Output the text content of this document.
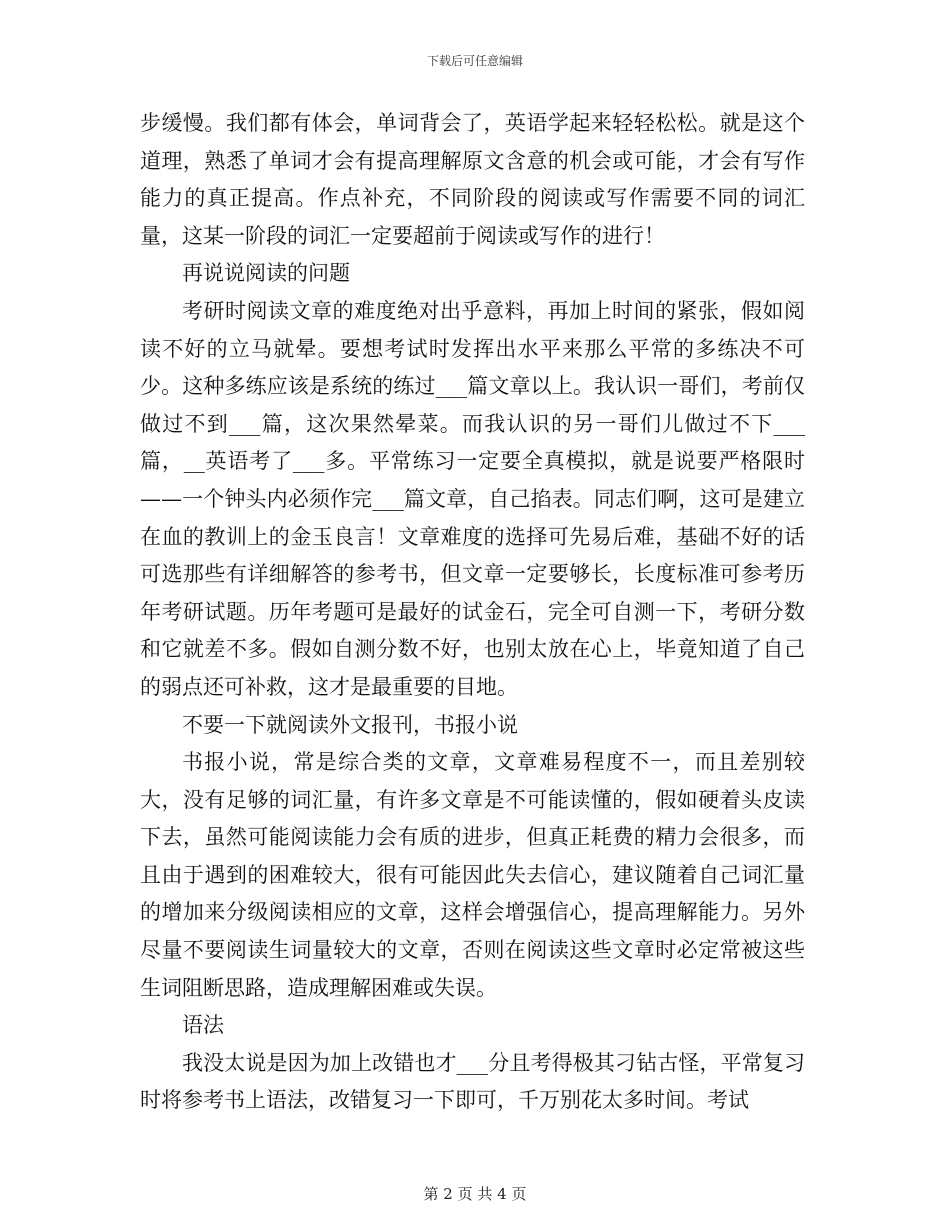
下载后可任意编辑

步缓慢。我们都有体会，单词背会了，英语学起来轻轻松松。就是这个道理，熟悉了单词才会有提高理解原文含意的机会或可能，才会有写作能力的真正提高。作点补充，不同阶段的阅读或写作需要不同的词汇量，这某一阶段的词汇一定要超前于阅读或写作的进行！

再说说阅读的问题

考研时阅读文章的难度绝对出乎意料，再加上时间的紧张，假如阅读不好的立马就晕。要想考试时发挥出水平来那么平常的多练决不可少。这种多练应该是系统的练过___篇文章以上。我认识一哥们，考前仅做过不到___篇，这次果然晕菜。而我认识的另一哥们儿做过不下___篇，__英语考了___多。平常练习一定要全真模拟，就是说要严格限时——一个钟头内必须作完___篇文章，自己掐表。同志们啊，这可是建立在血的教训上的金玉良言！文章难度的选择可先易后难，基础不好的话可选那些有详细解答的参考书，但文章一定要够长，长度标准可参考历年考研试题。历年考题可是最好的试金石，完全可自测一下，考研分数和它就差不多。假如自测分数不好，也别太放在心上，毕竟知道了自己的弱点还可补救，这才是最重要的目地。

不要一下就阅读外文报刊，书报小说

书报小说，常是综合类的文章，文章难易程度不一，而且差别较大，没有足够的词汇量，有许多文章是不可能读懂的，假如硬着头皮读下去，虽然可能阅读能力会有质的进步，但真正耗费的精力会很多，而且由于遇到的困难较大，很有可能因此失去信心，建议随着自己词汇量的增加来分级阅读相应的文章，这样会增强信心，提高理解能力。另外尽量不要阅读生词量较大的文章，否则在阅读这些文章时必定常被这些生词阻断思路，造成理解困难或失误。

语法

我没太说是因为加上改错也才___分且考得极其刁钻古怪，平常复习时将参考书上语法，改错复习一下即可，千万别花太多时间。考试

第 2 页 共 4 页
